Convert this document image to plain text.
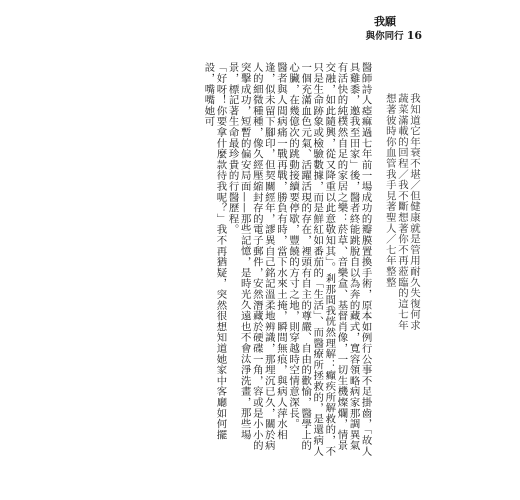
我願
與你同行 16
我知道它年衰不堪／但健康就是管用耐久失復何求
蔬菜滿載的回程／我不斷想著你不再蒞臨的這七年
想著彼時你血管我手見著聖人／七年整整

醫師詩人瘂痲過七年前一場成功的瓣膜置換手術，原本如例行公事不足掛齒，「故人具雞黍，邀我至田家」後，醫者終能跳脫自以為奔的藏式，寬容領略病家那調異氣有活快的純樸然自足的家居之樂：菸草、音樂盒、基督肖像，一切生機燦爛，情景交融，如此隨興，從又降重以此意敬知其」。剎那間我恍然理解：癲疾所解救的，不只是生命跡象或檢驗數據，而是鮮紅如番茄的「生活」、而醫療所拯救的，是還病人一個充滿血色元氣、活躍活現的存在，裡頭有自主的尊嚴、自由的歡愉，醫學上的心臟，在幾億次的跳動接續要停歇，豐饒的方寸之地，則穿越時空情意深長。
醫者與人間病痛一戰再戰，勝負有時，當下水來土掩，瞬間無痕，與病人萍水相逢，似未留下腳印，但契關經年，謬異自己銘記溫柔地辨識，那埋沉已久，關於病人的細微種種，像久經壓縮封存的電子郵件，安然潛藏於硬碟一角，容或是小小的突擊成功，短暫的偏安局面——那些記憶，是時光久遠也不會汰淨洗畫，那些場景，標記著生命最珍貴的行醫歷程。
「好呀！你要拿什麼款待我呢？」我不再猶疑，突然很想知道她家中客廳如何擺設，嘴嘴她可
